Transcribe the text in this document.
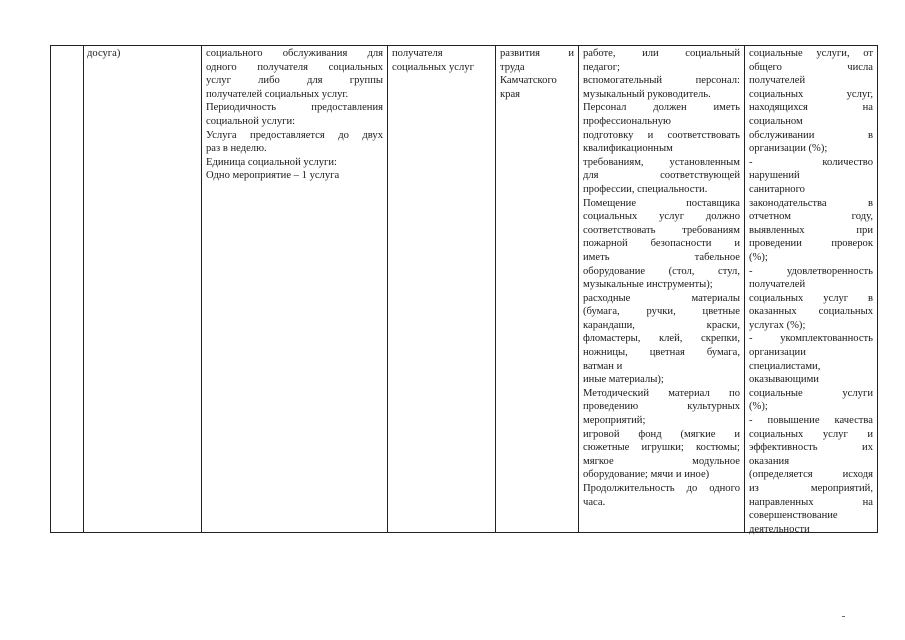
досуга)	социального обслуживания для

одного получателя социальных

услуг либо для группы

получателей социальных услуг.

Периодичность предоставления

социальной услуги:

Услуга предоставляется до двух

раз в неделю.

Единица социальной услуги:

Одно мероприятие – 1 услуга

получателя

социальных услуг

развития и

труда

Камчатского

края

работе, или социальный

педагог;

вспомогательный персонал:

музыкальный руководитель.

Персонал должен иметь

профессиональную

подготовку и соответствовать

квалификационным

требованиям, установленным

для соответствующей

профессии, специальности.

Помещение поставщика

социальных услуг должно

соответствовать требованиям

пожарной безопасности и

иметь табельное

оборудование (стол, стул,

музыкальные инструменты);

расходные материалы

(бумага, ручки, цветные

карандаши, краски,

фломастеры, клей, скрепки,

ножницы, цветная бумага,

ватман и

иные материалы);

Методический материал по

проведению культурных

мероприятий;

игровой фонд (мягкие и

сюжетные игрушки; костюмы;

мягкое модульное

оборудование; мячи и иное)

Продолжительность до одного

часа.

социальные услуги, от

общего числа

получателей

социальных услуг,

находящихся на

социальном

обслуживании в

организации (%);

- количество

нарушений

санитарного

законодательства в

отчетном году,

выявленных при

проведении проверок

(%);

- удовлетворенность

получателей

социальных услуг в

оказанных социальных

услугах (%);

- укомплектованность

организации

специалистами,

оказывающими

социальные услуги

(%);

- повышение качества

социальных услуг и

эффективность их

оказания

(определяется исходя

из мероприятий,

направленных на

совершенствование

деятельности
